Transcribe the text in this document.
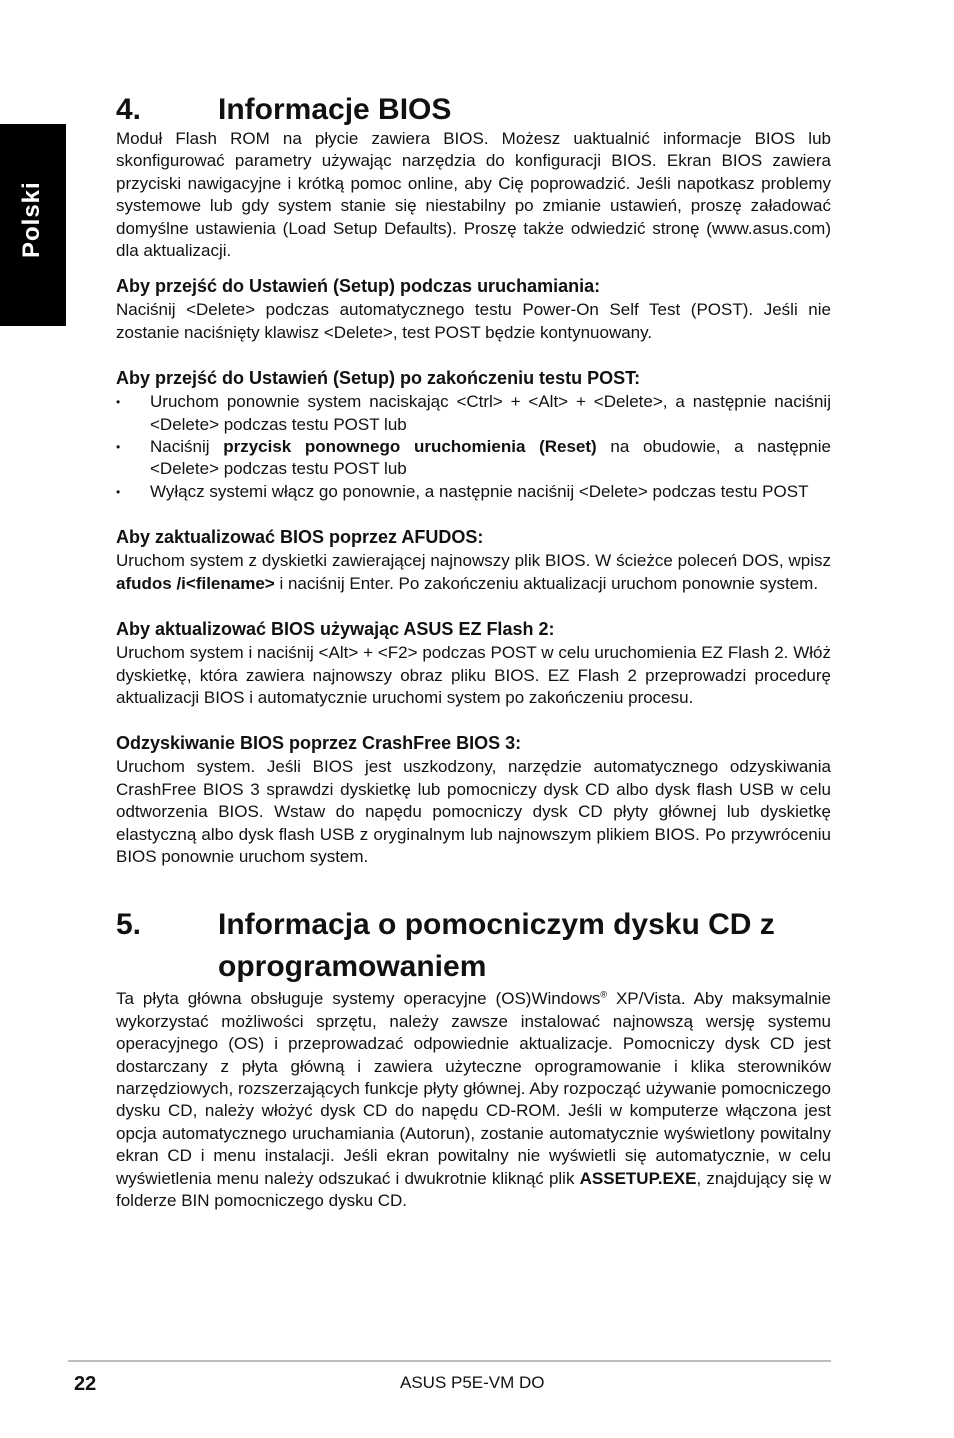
Polski
4.	Informacje BIOS

Moduł Flash ROM na płycie zawiera BIOS. Możesz uaktualnić informacje BIOS lub skonfigurować parametry używając narzędzia do konfiguracji BIOS. Ekran BIOS zawiera przyciski nawigacyjne i krótką pomoc online, aby Cię poprowadzić. Jeśli napotkasz problemy systemowe lub gdy system stanie się niestabilny po zmianie ustawień, proszę załadować domyślne ustawienia (Load Setup Defaults). Proszę także odwiedzić stronę (www.asus.com) dla aktualizacji.

Aby przejść do Ustawień (Setup) podczas uruchamiania:

Naciśnij <Delete> podczas automatycznego testu Power-On Self Test (POST). Jeśli nie zostanie naciśnięty klawisz <Delete>, test POST będzie kontynuowany.

Aby przejść do Ustawień (Setup) po zakończeniu testu POST:
• Uruchom ponownie system naciskając <Ctrl> + <Alt> + <Delete>, a następnie naciśnij <Delete> podczas testu POST lub
• Naciśnij przycisk ponownego uruchomienia (Reset) na obudowie, a następnie <Delete> podczas testu POST lub
• Wyłącz systemi włącz go ponownie, a następnie naciśnij <Delete> podczas testu POST
Aby zaktualizować BIOS poprzez AFUDOS:

Uruchom system z dyskietki zawierającej najnowszy plik BIOS. W ścieżce poleceń DOS, wpisz afudos /i<filename> i naciśnij Enter. Po zakończeniu aktualizacji uruchom ponownie system.

Aby aktualizować BIOS używając ASUS EZ Flash 2:

Uruchom system i naciśnij <Alt> + <F2> podczas POST w celu uruchomienia EZ Flash 2. Włóż dyskietkę, która zawiera najnowszy obraz pliku BIOS. EZ Flash 2 przeprowadzi procedurę aktualizacji BIOS i automatycznie uruchomi system po zakończeniu procesu.

Odzyskiwanie BIOS poprzez CrashFree BIOS 3:

Uruchom system. Jeśli BIOS jest uszkodzony, narzędzie automatycznego odzyskiwania CrashFree BIOS 3 sprawdzi dyskietkę lub pomocniczy dysk CD albo dysk flash USB w celu odtworzenia BIOS. Wstaw do napędu pomocniczy dysk CD płyty głównej lub dyskietkę elastyczną albo dysk flash USB z oryginalnym lub najnowszym plikiem BIOS. Po przywróceniu BIOS ponownie uruchom system.

5.	Informacja o pomocniczym dysku CD z oprogramowaniem

Ta płyta główna obsługuje systemy operacyjne (OS)Windows® XP/Vista. Aby maksymalnie wykorzystać możliwości sprzętu, należy zawsze instalować najnowszą wersję systemu operacyjnego (OS) i przeprowadzać odpowiednie aktualizacje. Pomocniczy dysk CD jest dostarczany z płyta główną i zawiera użyteczne oprogramowanie i klika sterowników narzędziowych, rozszerzających funkcje płyty głównej. Aby rozpocząć używanie pomocniczego dysku CD, należy włożyć dysk CD do napędu CD-ROM. Jeśli w komputerze włączona jest opcja automatycznego uruchamiania (Autorun), zostanie automatycznie wyświetlony powitalny ekran CD i menu instalacji. Jeśli ekran powitalny nie wyświetli się automatycznie, w celu wyświetlenia menu należy odszukać i dwukrotnie kliknąć plik ASSETUP.EXE, znajdujący się w folderze BIN pomocniczego dysku CD.

22	ASUS P5E-VM DO
